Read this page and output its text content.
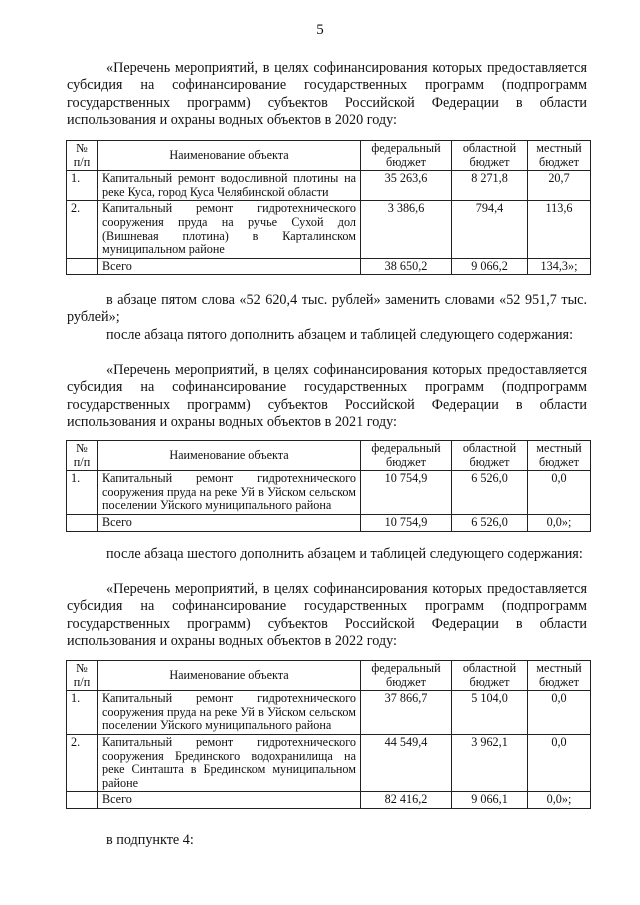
5

«Перечень мероприятий, в целях софинансирования которых предоставляется субсидия на софинансирование государственных программ (подпрограмм государственных программ) субъектов Российской Федерации в области использования и охраны водных объектов в 2020 году:

№ п/п	Наименование объекта	федеральный бюджет	областной бюджет	местный бюджет
1.	Капитальный ремонт водосливной плотины на реке Куса, город Куса Челябинской области	35 263,6	8 271,8	20,7
2.	Капитальный ремонт гидротехнического сооружения пруда на ручье Сухой дол (Вишневая плотина) в Карталинском муниципальном районе	3 386,6	794,4	113,6
	Всего	38 650,2	9 066,2	134,3»;

в абзаце пятом слова «52 620,4 тыс. рублей» заменить словами «52 951,7 тыс. рублей»;

после абзаца пятого дополнить абзацем и таблицей следующего содержания:

«Перечень мероприятий, в целях софинансирования которых предоставляется субсидия на софинансирование государственных программ (подпрограмм государственных программ) субъектов Российской Федерации в области использования и охраны водных объектов в 2021 году:

№ п/п	Наименование объекта	федеральный бюджет	областной бюджет	местный бюджет
1.	Капитальный ремонт гидротехнического сооружения пруда на реке Уй в Уйском сельском поселении Уйского муниципального района	10 754,9	6 526,0	0,0
	Всего	10 754,9	6 526,0	0,0»;

после абзаца шестого дополнить абзацем и таблицей следующего содержания:

«Перечень мероприятий, в целях софинансирования которых предоставляется субсидия на софинансирование государственных программ (подпрограмм государственных программ) субъектов Российской Федерации в области использования и охраны водных объектов в 2022 году:

№ п/п	Наименование объекта	федеральный бюджет	областной бюджет	местный бюджет
1.	Капитальный ремонт гидротехнического сооружения пруда на реке Уй в Уйском сельском поселении Уйского муниципального района	37 866,7	5 104,0	0,0
2.	Капитальный ремонт гидротехнического сооружения Брединского водохранилища на реке Синташта в Брединском муниципальном районе	44 549,4	3 962,1	0,0
	Всего	82 416,2	9 066,1	0,0»;

в подпункте 4:
